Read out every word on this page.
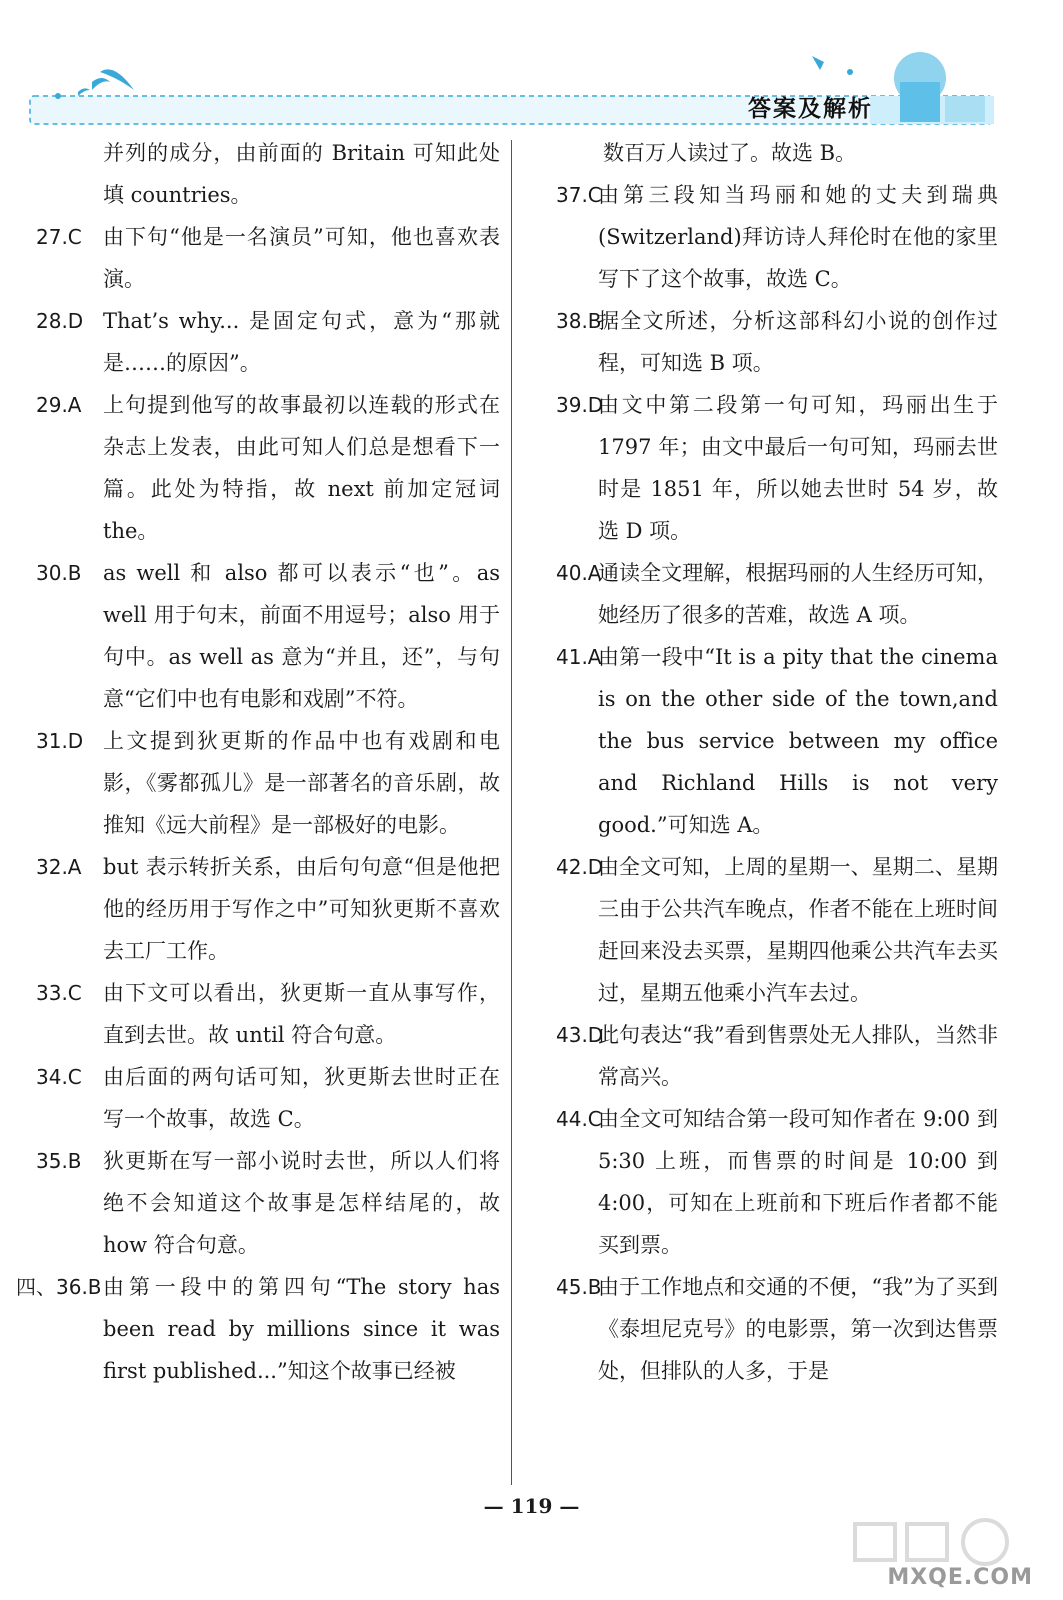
答案及解析
并列的成分，由前面的 Britain 可知此处填 countries。
27.C 由下句“他是一名演员”可知，他也喜欢表演。
28.D That’s why... 是固定句式，意为“那就是……的原因”。
29.A 上句提到他写的故事最初以连载的形式在杂志上发表，由此可知人们总是想看下一篇。此处为特指，故 next 前加定冠词 the。
30.B as well 和 also 都可以表示“也”。as well 用于句末，前面不用逗号；also 用于句中。as well as 意为“并且，还”，与句意“它们中也有电影和戏剧”不符。
31.D 上文提到狄更斯的作品中也有戏剧和电影，《雾都孤儿》是一部著名的音乐剧，故推知《远大前程》是一部极好的电影。
32.A but 表示转折关系，由后句句意“但是他把他的经历用于写作之中”可知狄更斯不喜欢去工厂工作。
33.C 由下文可以看出，狄更斯一直从事写作，直到去世。故 until 符合句意。
34.C 由后面的两句话可知，狄更斯去世时正在写一个故事，故选 C。
35.B 狄更斯在写一部小说时去世，所以人们将绝不会知道这个故事是怎样结尾的，故 how 符合句意。
四、36.B 由第一段中的第四句“The story has been read by millions since it was first published...”知这个故事已经被
数百万人读过了。故选 B。
37.C
由第三段知当玛丽和她的丈夫到瑞典(Switzerland)拜访诗人拜伦时在他的家里写下了这个故事，故选 C。
38.B
据全文所述，分析这部科幻小说的创作过程，可知选 B 项。
39.D
由文中第二段第一句可知，玛丽出生于 1797 年；由文中最后一句可知，玛丽去世时是 1851 年，所以她去世时 54 岁，故选 D 项。
40.A
通读全文理解，根据玛丽的人生经历可知，她经历了很多的苦难，故选 A 项。
41.A
由第一段中“It is a pity that the cinema is on the other side of the town,and the bus service between my office and Richland Hills is not very good.”可知选 A。
42.D
由全文可知，上周的星期一、星期二、星期三由于公共汽车晚点，作者不能在上班时间赶回来没去买票，星期四他乘公共汽车去买过，星期五他乘小汽车去过。
43.D
此句表达“我”看到售票处无人排队，当然非常高兴。
44.C
由全文可知结合第一段可知作者在 9:00 到 5:30 上班，而售票的时间是 10:00 到 4:00，可知在上班前和下班后作者都不能买到票。
45.B
由于工作地点和交通的不便，“我”为了买到《泰坦尼克号》的电影票，第一次到达售票处，但排队的人多，于是
— 119 —
MXQE.COM
